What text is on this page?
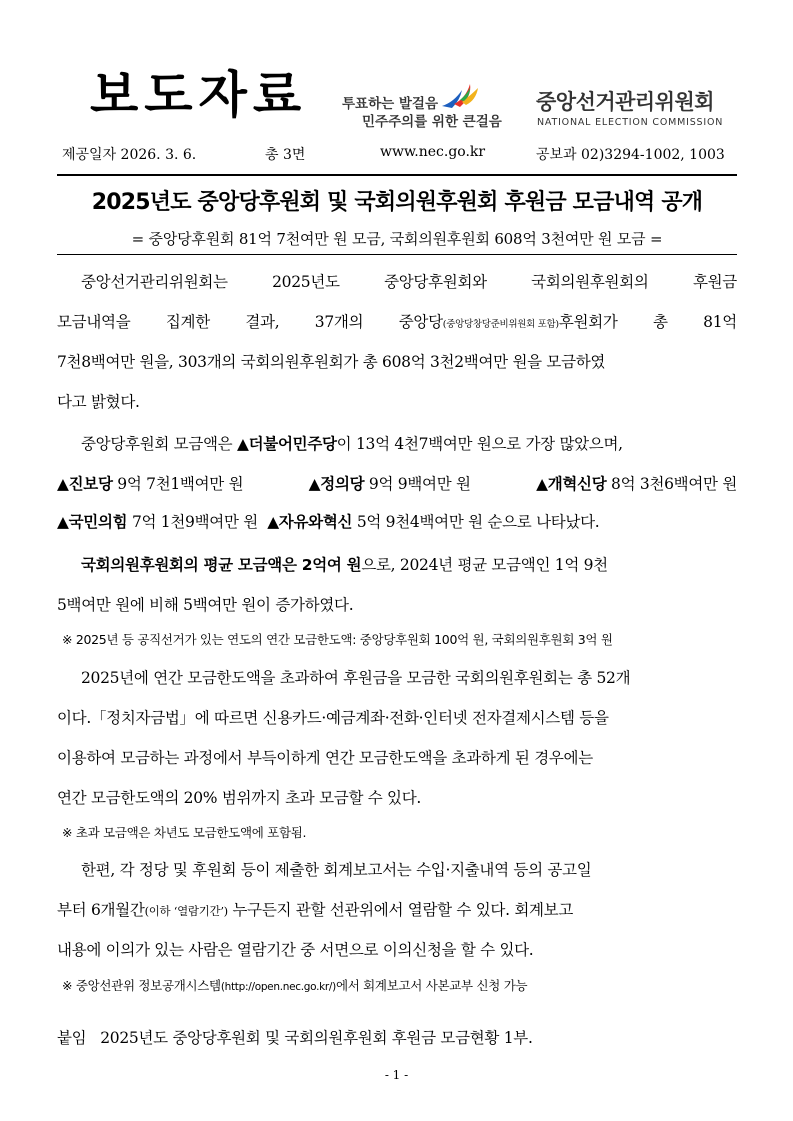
보도자료	투표하는 발걸음
민주주의를 위한 큰걸음
중앙선거관리위원회
NATIONAL ELECTION COMMISSION
제공일자 2026. 3. 6.	총 3면	www.nec.go.kr	공보과 02)3294-1002, 1003
2025년도 중앙당후원회 및 국회의원후원회 후원금 모금내역 공개
= 중앙당후원회 81억 7천여만 원 모금, 국회의원후원회 608억 3천여만 원 모금 =
중앙선거관리위원회는	2025년도	중앙당후원회와	국회의원후원회의	후원금
모금내역을 집계한 결과, 37개의 중앙당(중앙당창당준비위원회 포함)후원회가 총 81억
7천8백여만 원을, 303개의 국회의원후원회가 총 608억 3천2백여만 원을 모금하였
다고 밝혔다.
중앙당후원회 모금액은 ▲더불어민주당이 13억 4천7백여만 원으로 가장 많았으며,
▲진보당 9억 7천1백여만 원	▲정의당 9억 9백여만 원	▲개혁신당 8억 3천6백여만 원
▲국민의힘 7억 1천9백여만 원 ▲자유와혁신 5억 9천4백여만 원 순으로 나타났다.
국회의원후원회의 평균 모금액은 2억여 원으로, 2024년 평균 모금액인 1억 9천
5백여만 원에 비해 5백여만 원이 증가하였다.
※ 2025년 등 공직선거가 있는 연도의 연간 모금한도액: 중앙당후원회 100억 원, 국회의원후원회 3억 원
2025년에 연간 모금한도액을 초과하여 후원금을 모금한 국회의원후원회는 총 52개
이다.「정치자금법」에 따르면 신용카드·예금계좌·전화·인터넷 전자결제시스템 등을
이용하여 모금하는 과정에서 부득이하게 연간 모금한도액을 초과하게 된 경우에는
연간 모금한도액의 20% 범위까지 초과 모금할 수 있다.
※ 초과 모금액은 차년도 모금한도액에 포함됨.
한편, 각 정당 및 후원회 등이 제출한 회계보고서는 수입·지출내역 등의 공고일
부터 6개월간(이하 ‘열람기간’) 누구든지 관할 선관위에서 열람할 수 있다. 회계보고
내용에 이의가 있는 사람은 열람기간 중 서면으로 이의신청을 할 수 있다.
※ 중앙선관위 정보공개시스템(http://open.nec.go.kr/)에서 회계보고서 사본교부 신청 가능
붙임   2025년도 중앙당후원회 및 국회의원후원회 후원금 모금현황 1부.
- 1 -
